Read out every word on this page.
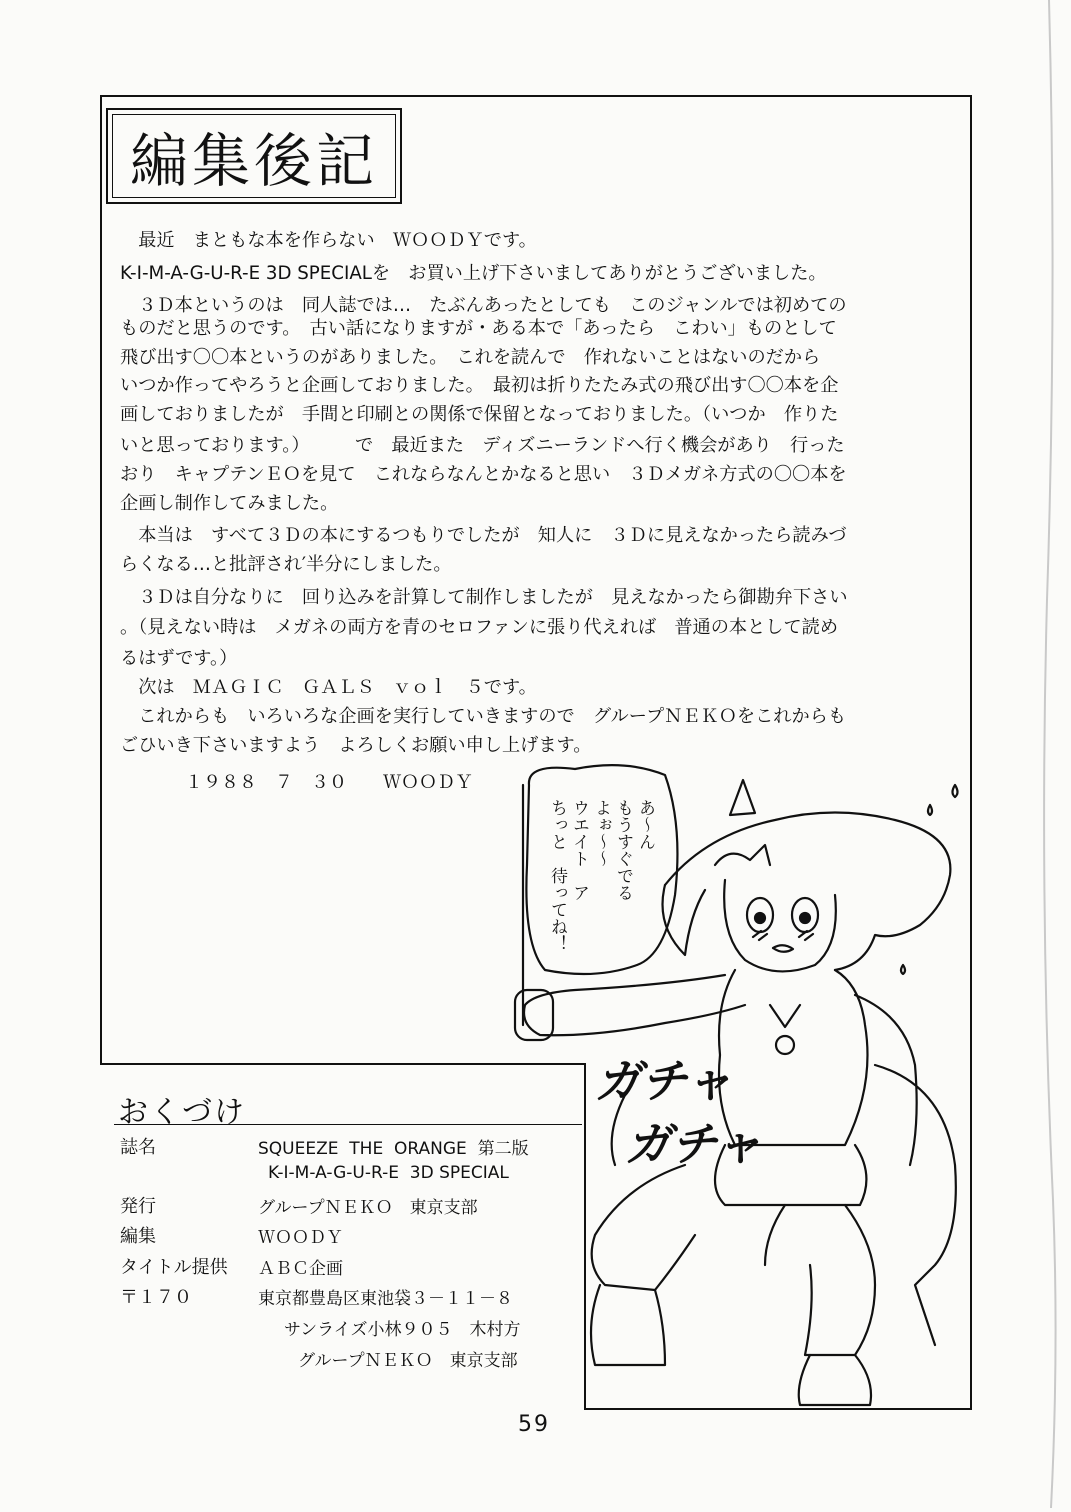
編集後記
　最近　まともな本を作らない　ＷＯＯＤＹです。
K-I-M-A-G-U-R-E 3D SPECIALを　お買い上げ下さいましてありがとうございました。
　３Ｄ本というのは　同人誌では…　たぶんあったとしても　このジャンルでは初めての
ものだと思うのです。　古い話になりますが・ある本で「あったら　こわい」ものとして
飛び出す〇〇本というのがありました。　これを読んで　作れないことはないのだから
いつか作ってやろうと企画しておりました。　最初は折りたたみ式の飛び出す〇〇本を企
画しておりましたが　手間と印刷との関係で保留となっておりました。（いつか　作りた
いと思っております。）　　　で　最近また　ディズニーランドへ行く機会があり　行った
おり　キャプテンＥＯを見て　これならなんとかなると思い　３Ｄメガネ方式の〇〇本を
企画し制作してみました。
　本当は　すべて３Ｄの本にするつもりでしたが　知人に　３Ｄに見えなかったら読みづ
らくなる…と批評され′半分にしました。
　３Ｄは自分なりに　回り込みを計算して制作しましたが　見えなかったら御勘弁下さい
。（見えない時は　メガネの両方を青のセロファンに張り代えれば　普通の本として読め
るはずです。）
　次は　ＭＡＧＩＣ　ＧＡＬＳ　ｖｏｌ　５です。
　これからも　いろいろな企画を実行していきますので　グループＮＥＫＯをこれからも
ごひいき下さいますよう　よろしくお願い申し上げます。
１９８８　７　３０　　ＷＯＯＤＹ
あ〜ん
もうすぐでる
よぉ〜〜
ウエイト　ア
ちっと　待ってね！
ガチャ
ガチャ
おくづけ
誌名	SQUEEZE  THE  ORANGE  第二版
K-I-M-A-G-U-R-E  3D SPECIAL
発行	グループＮＥＫＯ　東京支部
編集	ＷＯＯＤＹ
タイトル提供 ＡＢＣ企画
〒１７０	東京都豊島区東池袋３－１１－８
サンライズ小林９０５　木村方
グループＮＥＫＯ　東京支部
59
